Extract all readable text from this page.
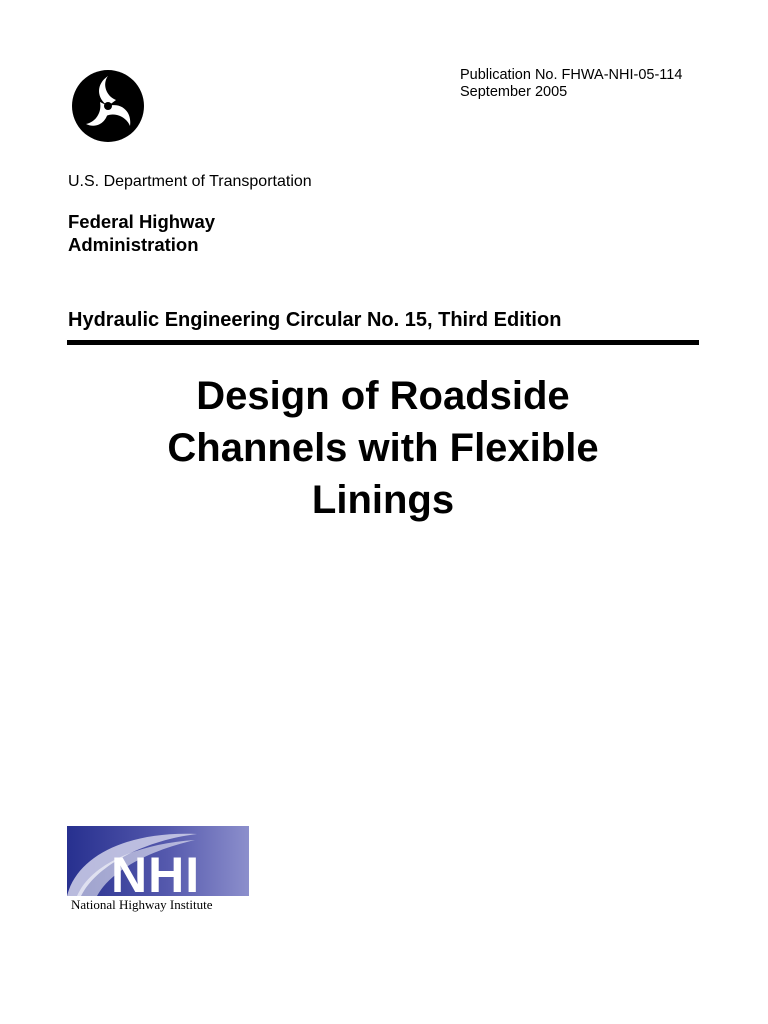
Publication No. FHWA-NHI-05-114
September 2005
U.S. Department of Transportation
Federal Highway
Administration
Hydraulic Engineering Circular No. 15, Third Edition
Design of Roadside
Channels with Flexible
Linings
NHI
National Highway Institute
